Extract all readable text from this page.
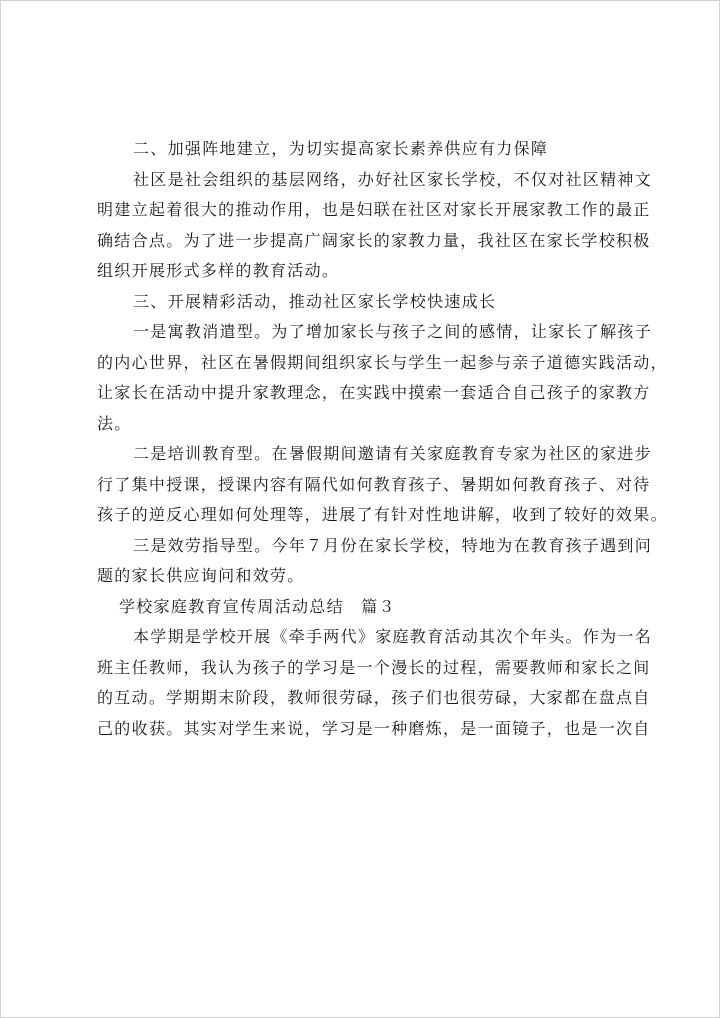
二、加强阵地建立，为切实提高家长素养供应有力保障
社区是社会组织的基层网络，办好社区家长学校，不仅对社区精神文
明建立起着很大的推动作用，也是妇联在社区对家长开展家教工作的最正
确结合点。为了进一步提高广阔家长的家教力量，我社区在家长学校积极
组织开展形式多样的教育活动。
三、开展精彩活动，推动社区家长学校快速成长
一是寓教消遣型。为了增加家长与孩子之间的感情，让家长了解孩子
的内心世界，社区在暑假期间组织家长与学生一起参与亲子道德实践活动，
让家长在活动中提升家教理念，在实践中摸索一套适合自己孩子的家教方
法。
二是培训教育型。在暑假期间邀请有关家庭教育专家为社区的家进步
行了集中授课，授课内容有隔代如何教育孩子、暑期如何教育孩子、对待
孩子的逆反心理如何处理等，进展了有针对性地讲解，收到了较好的效果。
三是效劳指导型。今年７月份在家长学校，特地为在教育孩子遇到问
题的家长供应询问和效劳。
学校家庭教育宣传周活动总结　篇３
本学期是学校开展《牵手两代》家庭教育活动其次个年头。作为一名
班主任教师，我认为孩子的学习是一个漫长的过程，需要教师和家长之间
的互动。学期期末阶段，教师很劳碌，孩子们也很劳碌，大家都在盘点自
己的收获。其实对学生来说，学习是一种磨炼，是一面镜子，也是一次自
